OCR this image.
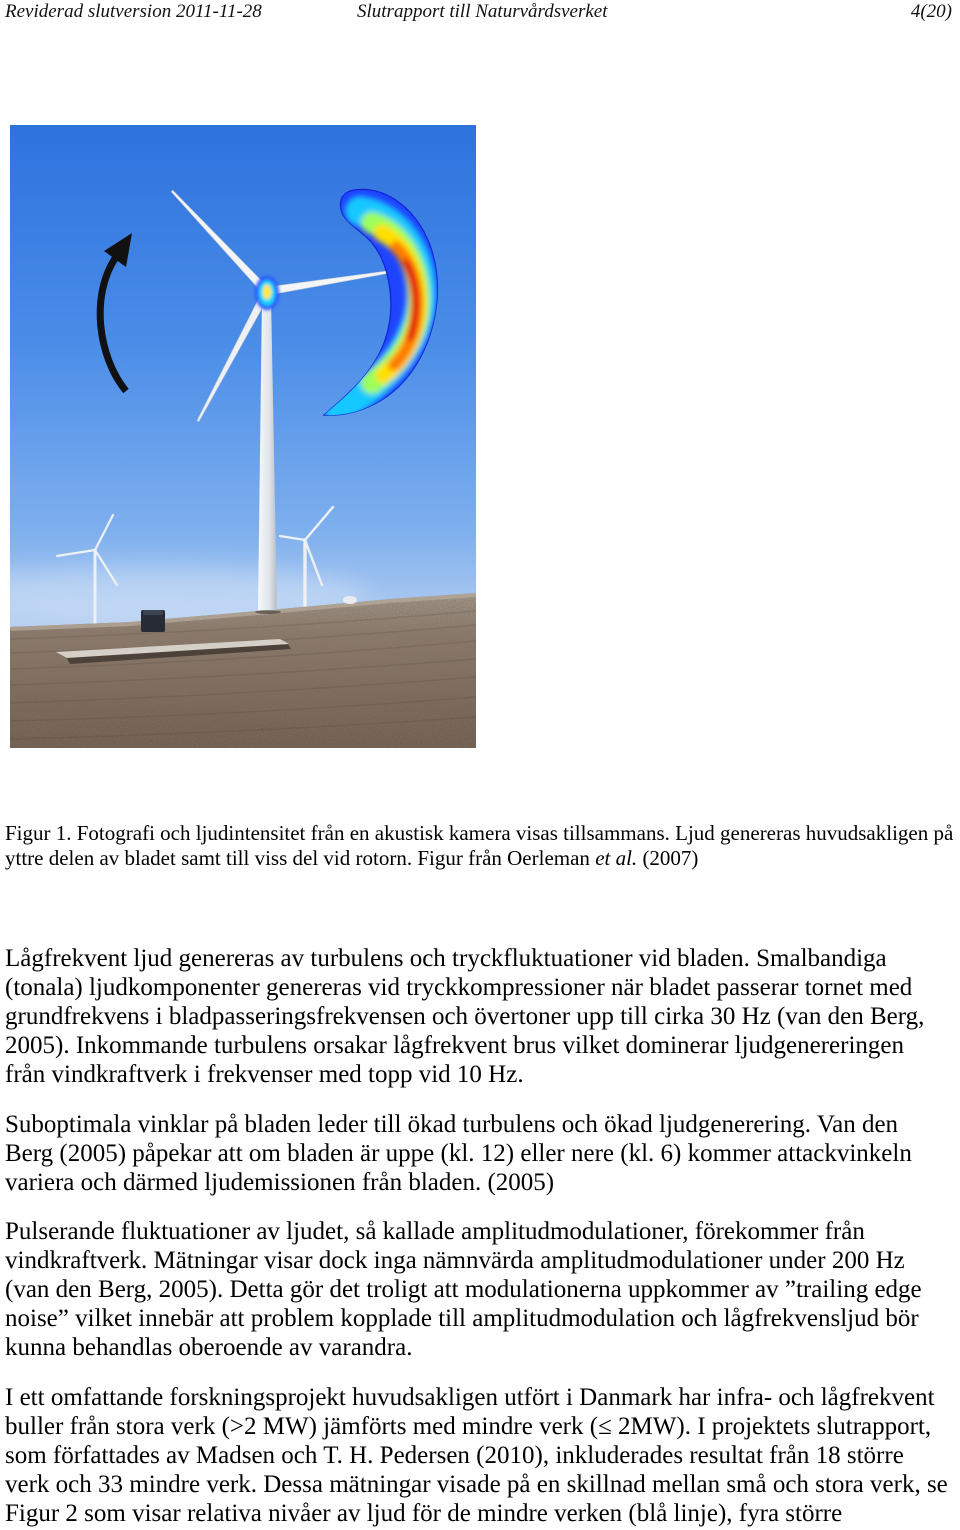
Reviderad slutversion 2011-11-28	Slutrapport till Naturvårdsverket	4(20)
Figur 1. Fotografi och ljudintensitet från en akustisk kamera visas tillsammans. Ljud genereras huvudsakligen på
yttre delen av bladet samt till viss del vid rotorn. Figur från Oerleman et al. (2007)
Lågfrekvent ljud genereras av turbulens och tryckfluktuationer vid bladen. Smalbandiga
(tonala) ljudkomponenter genereras vid tryckkompressioner när bladet passerar tornet med
grundfrekvens i bladpasseringsfrekvensen och övertoner upp till cirka 30 Hz (van den Berg,
2005). Inkommande turbulens orsakar lågfrekvent brus vilket dominerar ljudgenereringen
från vindkraftverk i frekvenser med topp vid 10 Hz.
Suboptimala vinklar på bladen leder till ökad turbulens och ökad ljudgenerering. Van den
Berg (2005) påpekar att om bladen är uppe (kl. 12) eller nere (kl. 6) kommer attackvinkeln
variera och därmed ljudemissionen från bladen. (2005)
Pulserande fluktuationer av ljudet, så kallade amplitudmodulationer, förekommer från
vindkraftverk. Mätningar visar dock inga nämnvärda amplitudmodulationer under 200 Hz
(van den Berg, 2005). Detta gör det troligt att modulationerna uppkommer av ”trailing edge
noise” vilket innebär att problem kopplade till amplitudmodulation och lågfrekvensljud bör
kunna behandlas oberoende av varandra.
I ett omfattande forskningsprojekt huvudsakligen utfört i Danmark har infra- och lågfrekvent
buller från stora verk (>2 MW) jämförts med mindre verk (≤ 2MW). I projektets slutrapport,
som författades av Madsen och T. H. Pedersen (2010), inkluderades resultat från 18 större
verk och 33 mindre verk. Dessa mätningar visade på en skillnad mellan små och stora verk, se
Figur 2 som visar relativa nivåer av ljud för de mindre verken (blå linje), fyra större
